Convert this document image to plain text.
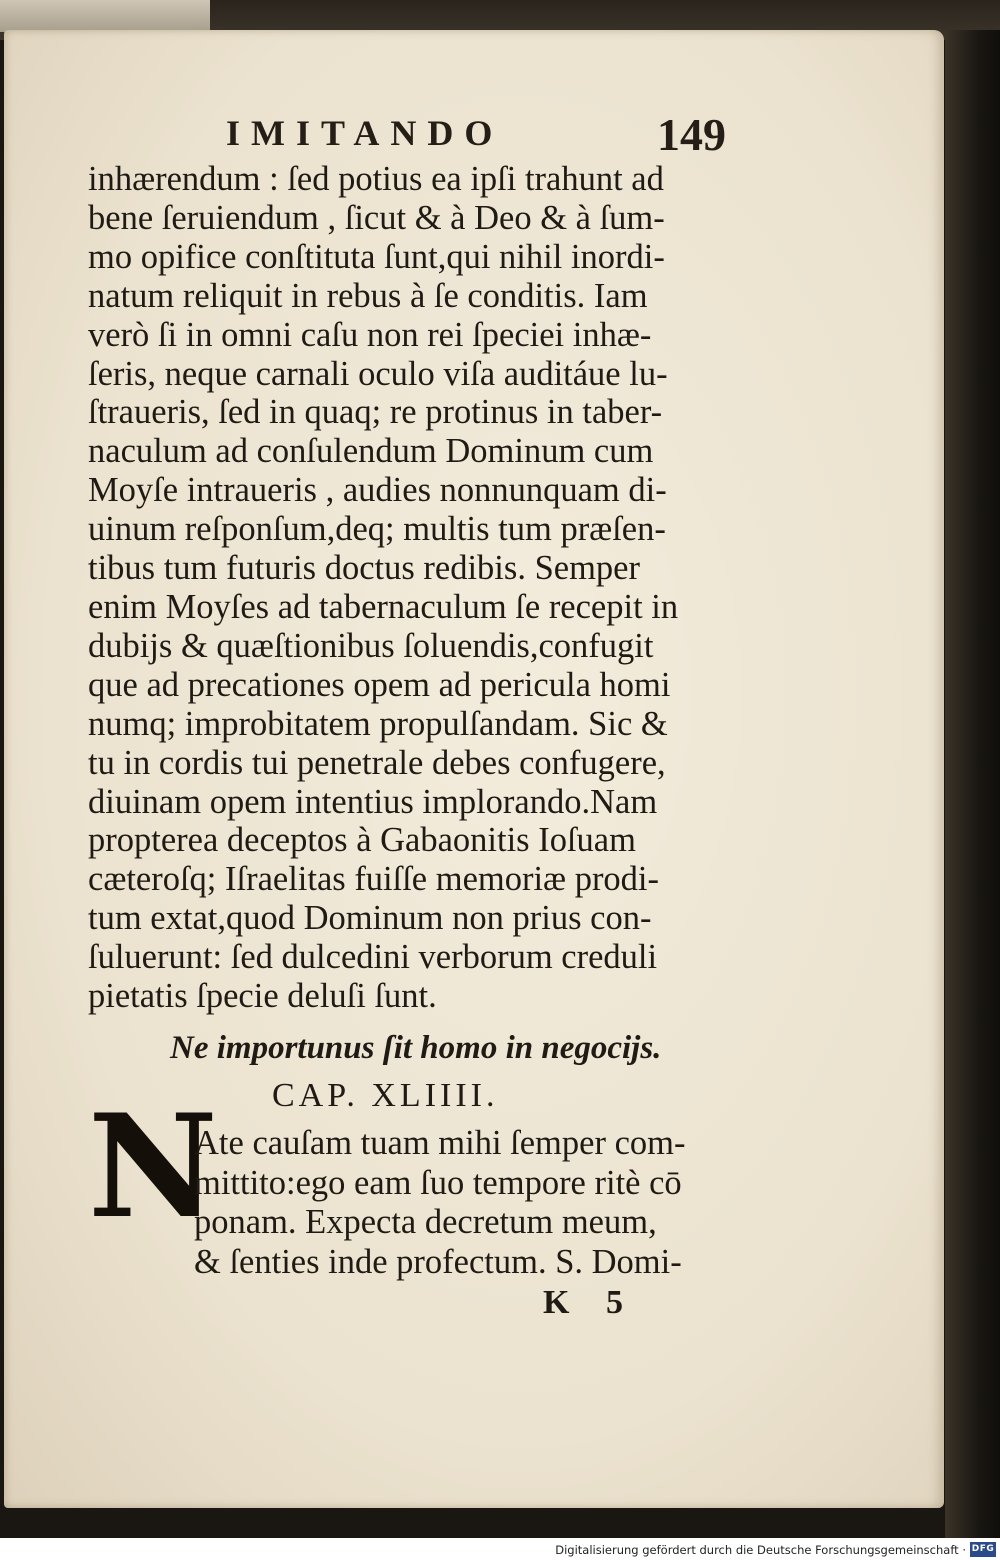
IMITANDO	149
inhærendum : ſed potius ea ipſi trahunt ad
bene ſeruiendum , ſicut & à Deo & à ſum-
mo opifice conſtituta ſunt,qui nihil inordi-
natum reliquit in rebus à ſe conditis. Iam
verò ſi in omni caſu non rei ſpeciei inhæ-
ſeris, neque carnali oculo viſa auditáue lu-
ſtraueris, ſed in quaq; re protinus in taber-
naculum ad conſulendum Dominum cum
Moyſe intraueris , audies nonnunquam di-
uinum reſponſum,deq; multis tum præſen-
tibus tum futuris doctus redibis. Semper
enim Moyſes ad tabernaculum ſe recepit in
dubijs & quæſtionibus ſoluendis,confugit
que ad precationes opem ad pericula homi
numq; improbitatem propulſandam. Sic &
tu in cordis tui penetrale debes confugere,
diuinam opem intentius implorando.Nam
propterea deceptos à Gabaonitis Ioſuam
cæteroſq; Iſraelitas fuiſſe memoriæ prodi-
tum extat,quod Dominum non prius con-
ſuluerunt: ſed dulcedini verborum creduli
pietatis ſpecie deluſi ſunt.
Ne importunus ſit homo in negocijs.
CAP. XLIIII.
N
Ate cauſam tuam mihi ſemper com-
mittito:ego eam ſuo tempore ritè cō
ponam. Expecta decretum meum,
& ſenties inde profectum. S. Domi-
K 5
Digitalisierung gefördert durch die Deutsche Forschungsgemeinschaft · DFG
